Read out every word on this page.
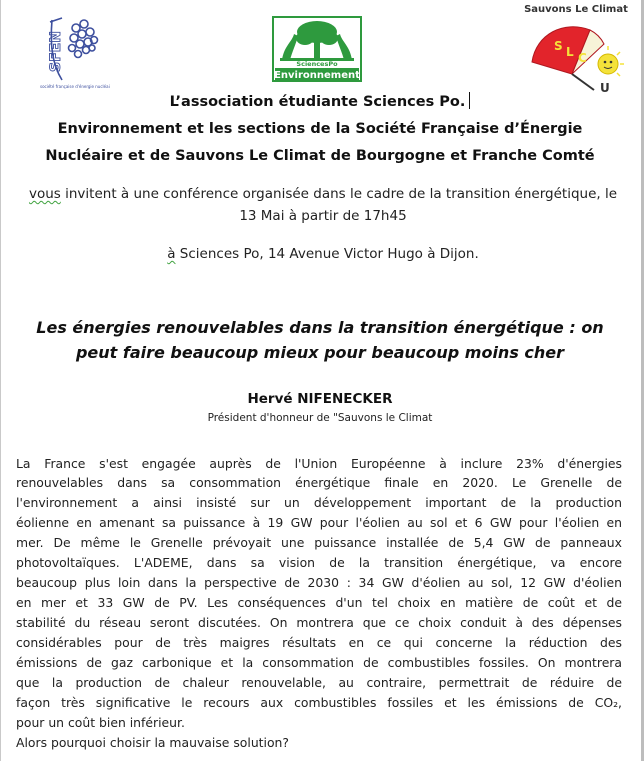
SFEN
société française d'énergie nucléaire
SciencesPo
Environnement
Sauvons Le Climat
S L C
U
L’association étudiante Sciences Po.
Environnement et les sections de la Société Française d’Énergie
Nucléaire et de Sauvons Le Climat de Bourgogne et Franche Comté
vous invitent à une conférence organisée dans le cadre de la transition énergétique, le
13 Mai à partir de 17h45
à Sciences Po, 14 Avenue Victor Hugo à Dijon.
Les énergies renouvelables dans la transition énergétique : on
peut faire beaucoup mieux pour beaucoup moins cher
Hervé NIFENECKER
Président d'honneur de "Sauvons le Climat
La France s'est engagée auprès de l'Union Européenne à inclure 23% d'énergies
renouvelables dans sa consommation énergétique finale en 2020. Le Grenelle de
l'environnement a ainsi insisté sur un développement important de la production
éolienne en amenant sa puissance à 19 GW pour l'éolien au sol et 6 GW pour l'éolien en
mer. De même le Grenelle prévoyait une puissance installée de 5,4 GW de panneaux
photovoltaïques. L'ADEME, dans sa vision de la transition énergétique, va encore
beaucoup plus loin dans la perspective de 2030 : 34 GW d'éolien au sol, 12 GW d'éolien
en mer et 33 GW de PV. Les conséquences d'un tel choix en matière de coût et de
stabilité du réseau seront discutées. On montrera que ce choix conduit à des dépenses
considérables pour de très maigres résultats en ce qui concerne la réduction des
émissions de gaz carbonique et la consommation de combustibles fossiles. On montrera
que la production de chaleur renouvelable, au contraire, permettrait de réduire de
façon très significative le recours aux combustibles fossiles et les émissions de CO₂,
pour un coût bien inférieur.
Alors pourquoi choisir la mauvaise solution?
